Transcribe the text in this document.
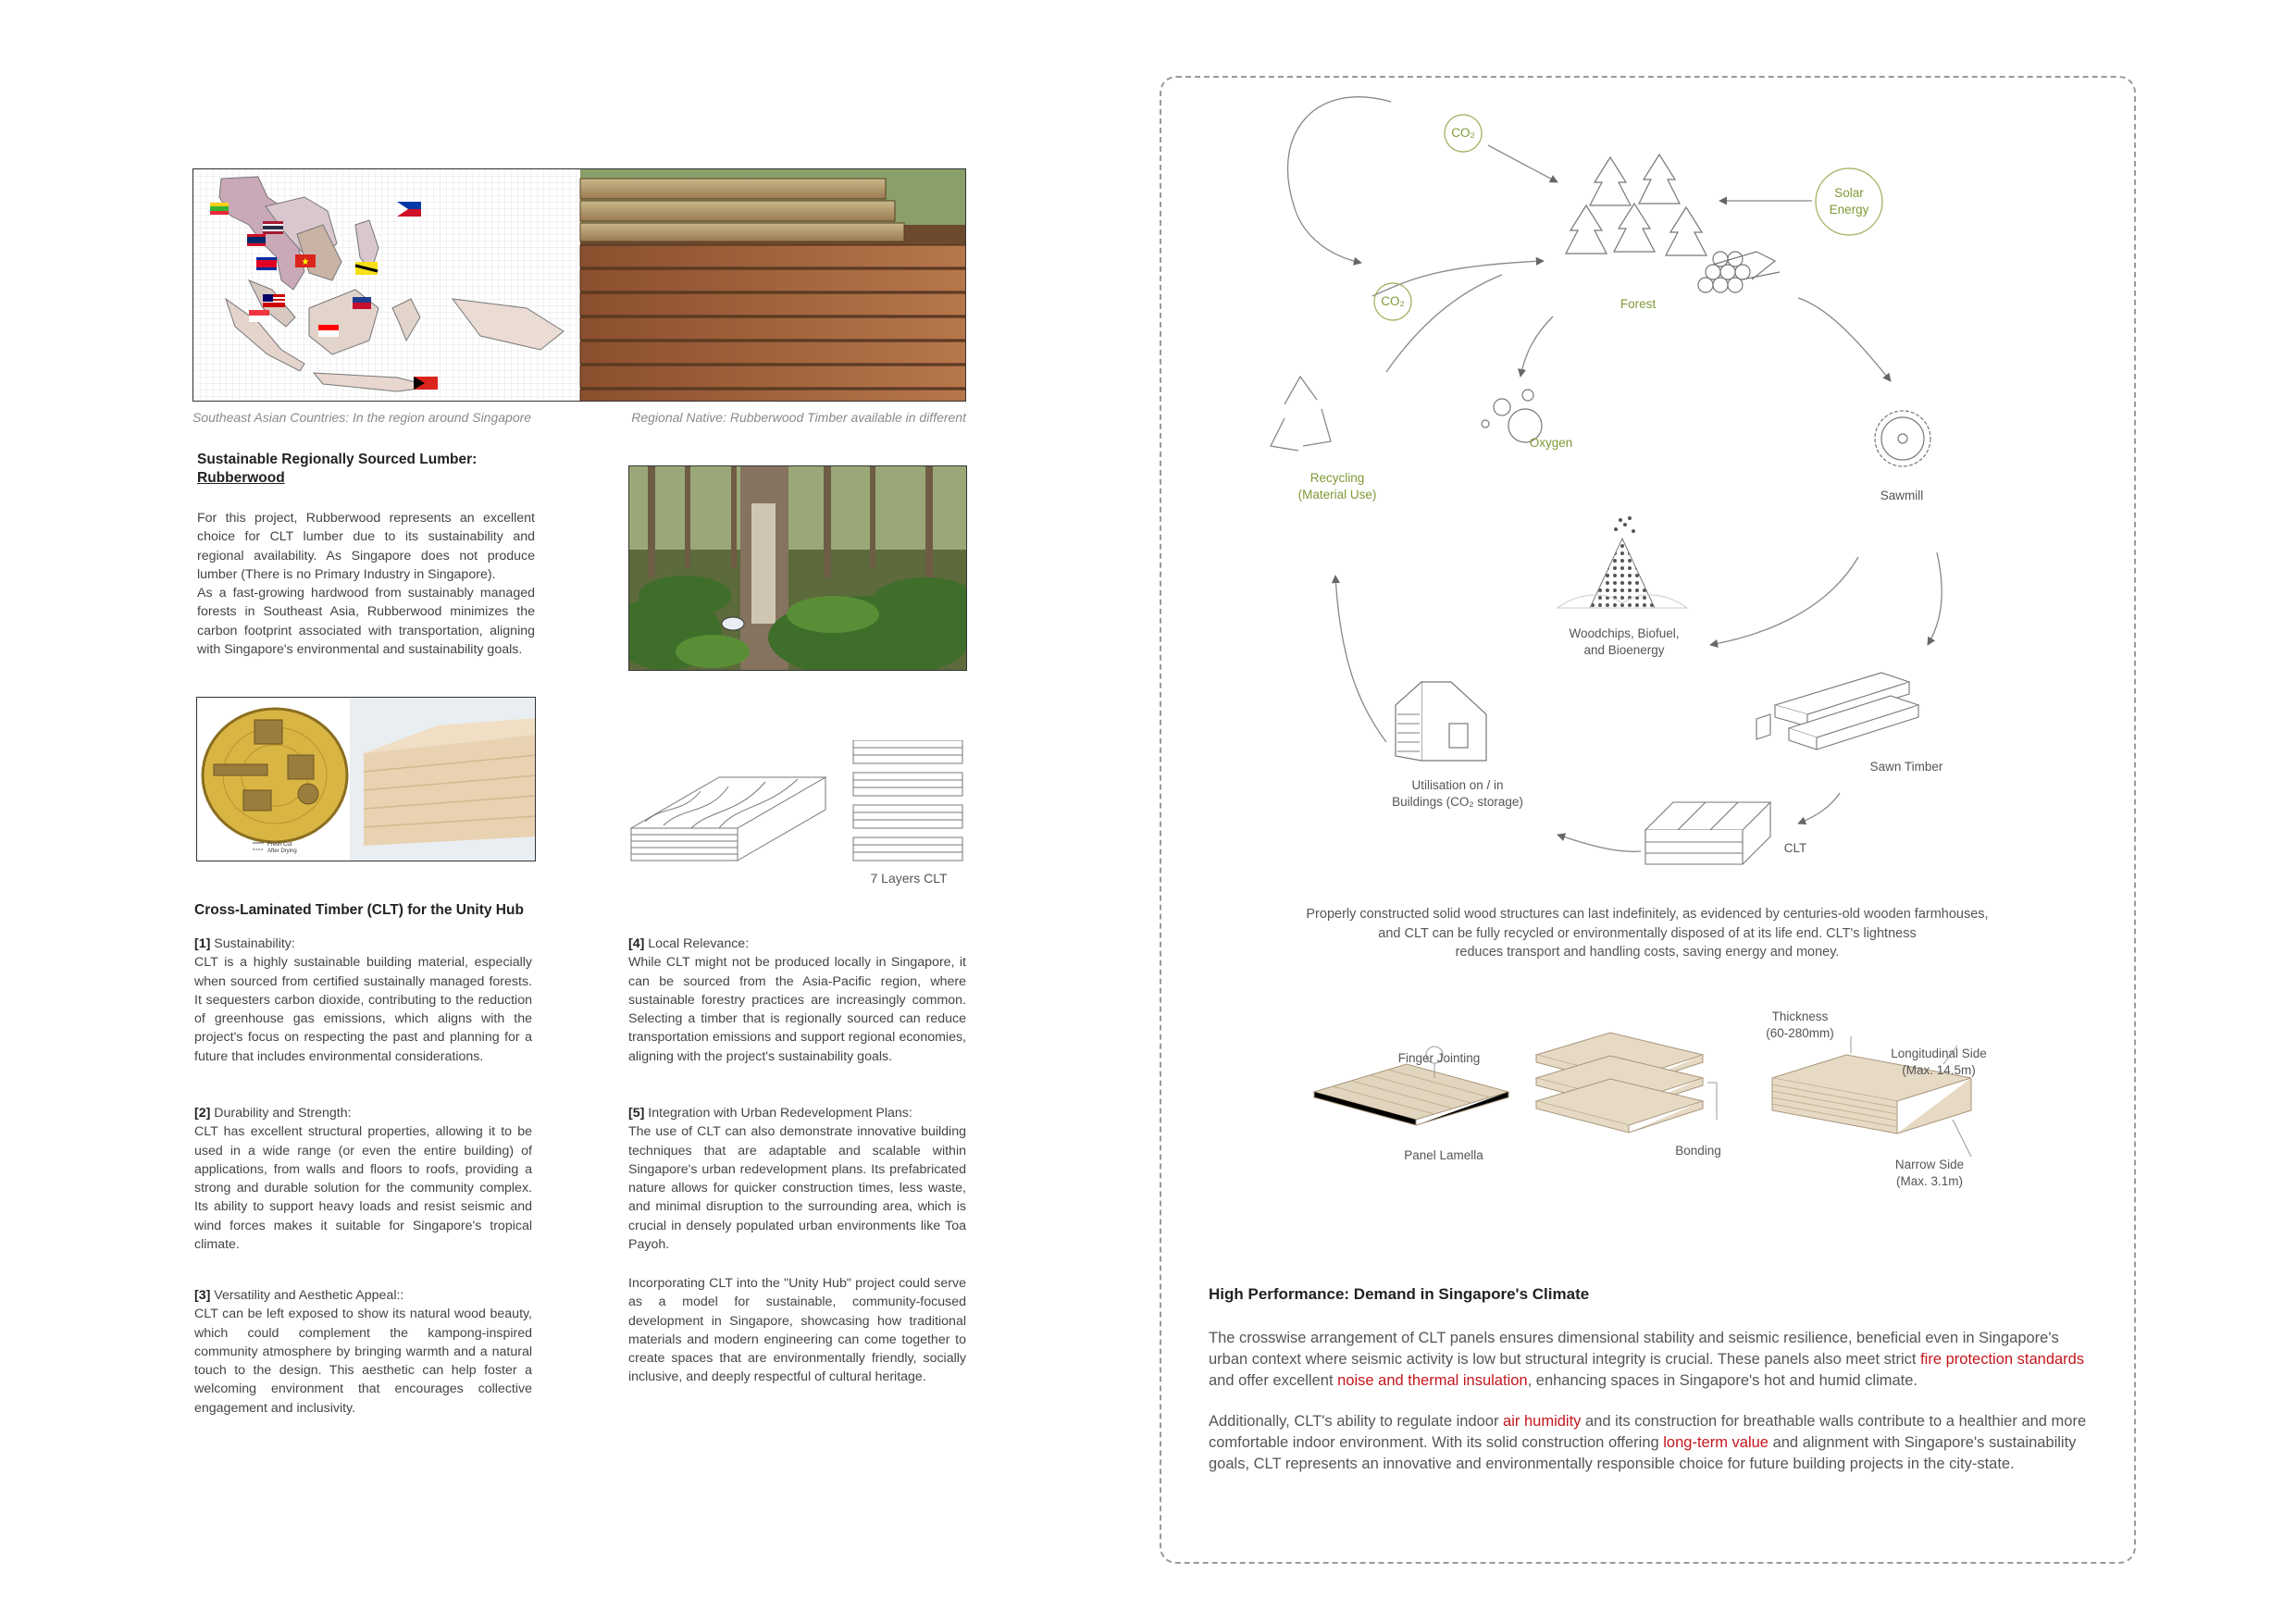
★
Southeast Asian Countries: In the region around Singapore	Regional Native: Rubberwood Timber available in different
Sustainable Regionally Sourced Lumber:
Rubberwood

For this project, Rubberwood represents an excellent choice for CLT lumber due to its sustainability and regional availability. As Singapore does not produce lumber (There is no Primary Industry in Singapore).

As a fast-growing hardwood from sustainably managed forests in Southeast Asia, Rubberwood minimizes the carbon footprint associated with transportation, aligning with Singapore's environmental and sustainability goals.

Fresh Cut
After Drying
7 Layers CLT
Cross-Laminated Timber (CLT) for the Unity Hub

[1] Sustainability:

CLT is a highly sustainable building material, especially when sourced from certified sustainally managed forests. It sequesters carbon dioxide, contributing to the reduction of greenhouse gas emissions, which aligns with the project's focus on respecting the past and planning for a future that includes environmental considerations.

[2] Durability and Strength:

CLT has excellent structural properties, allowing it to be used in a wide range (or even the entire building) of applications, from walls and floors to roofs, providing a strong and durable solution for the community complex. Its ability to support heavy loads and resist seismic and wind forces makes it suitable for Singapore's tropical climate.

[3] Versatility and Aesthetic Appeal::

CLT can be left exposed to show its natural wood beauty, which could complement the kampong-inspired community atmosphere by bringing warmth and a natural touch to the design. This aesthetic can help foster a welcoming environment that encourages collective engagement and inclusivity.

[4] Local Relevance:

While CLT might not be produced locally in Singapore, it can be sourced from the Asia-Pacific region, where sustainable forestry practices are increasingly common. Selecting a timber that is regionally sourced can reduce transportation emissions and support regional economies, aligning with the project's sustainability goals.

[5] Integration with Urban Redevelopment Plans:

The use of CLT can also demonstrate innovative building techniques that are adaptable and scalable within Singapore's urban redevelopment plans. Its prefabricated nature allows for quicker construction times, less waste, and minimal disruption to the surrounding area, which is crucial in densely populated urban environments like Toa Payoh.

Incorporating CLT into the "Unity Hub" project could serve as a model for sustainable, community-focused development in Singapore, showcasing how traditional materials and modern engineering can come together to create spaces that are environmentally friendly, socially inclusive, and deeply respectful of cultural heritage.
CO₂
CO₂
Solar
Energy
Forest
Oxygen
Recycling
(Material Use)	Sawmill
Woodchips, Biofuel,
and Bioenergy
Sawn Timber
Utilisation on / in
Buildings (CO₂ storage)
CLT
Properly constructed solid wood structures can last indefinitely, as evidenced by centuries-old wooden farmhouses,
and CLT can be fully recycled or environmentally disposed of at its life end. CLT's lightness
reduces transport and handling costs, saving energy and money.
Finger Jointing
Panel Lamella	Bonding
Thickness
(60-280mm)
Longitudinal Side
(Max. 14.5m)
Narrow Side
(Max. 3.1m)
High Performance: Demand in Singapore's Climate

The crosswise arrangement of CLT panels ensures dimensional stability and seismic resilience, beneficial even in Singapore's urban context where seismic activity is low but structural integrity is crucial. These panels also meet strict fire protection standards and offer excellent noise and thermal insulation, enhancing spaces in Singapore's hot and humid climate.

Additionally, CLT's ability to regulate indoor air humidity and its construction for breathable walls contribute to a healthier and more comfortable indoor environment. With its solid construction offering long-term value and alignment with Singapore's sustainability goals, CLT represents an innovative and environmentally responsible choice for future building projects in the city-state.
